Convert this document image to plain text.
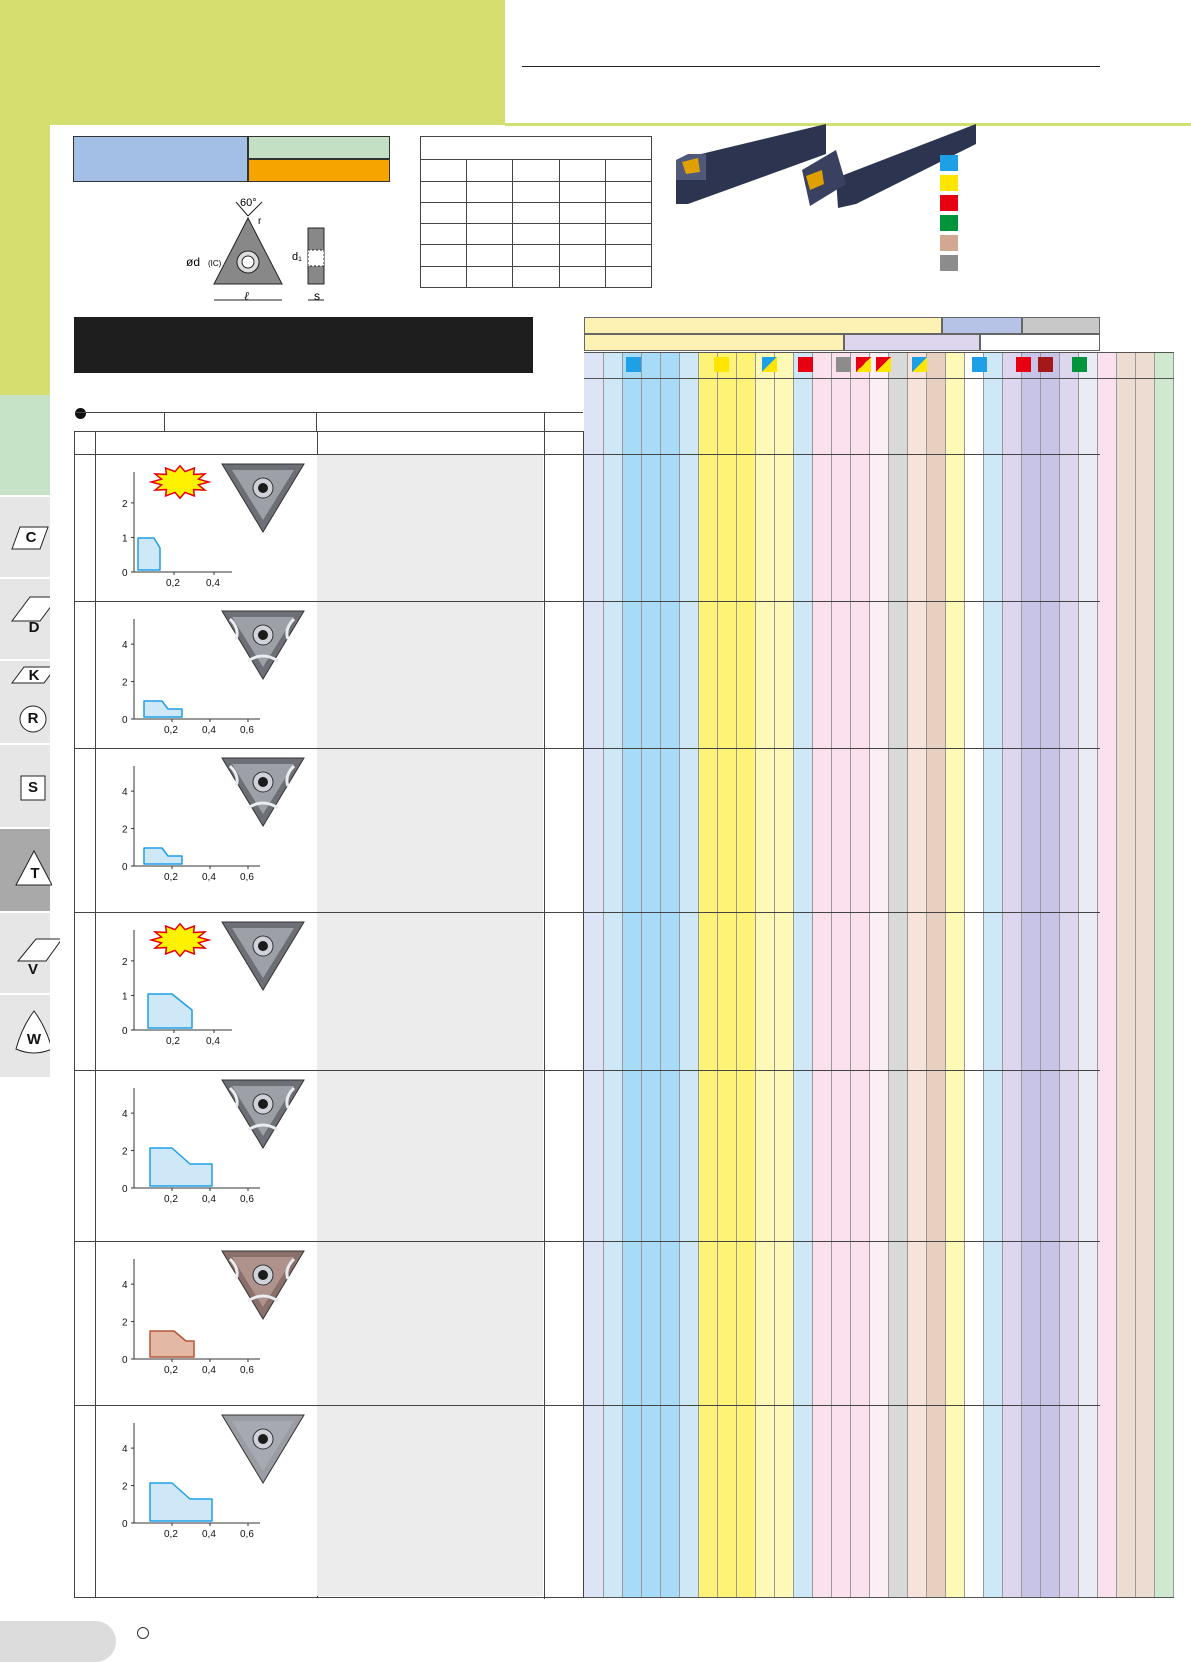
C
D
K
R
S
T
V
W
60°
r
ød (IC)
ℓ
d₁
s

0
1
2
0,2	0,4
0
2
4
0,2 0,4 0,6
0
2
4
0,2 0,4 0,6
0
1
2
0,2	0,4
0
2
4
0,2 0,4 0,6
0
2
4
0,2 0,4 0,6
0
2
4
0,2 0,4 0,6
